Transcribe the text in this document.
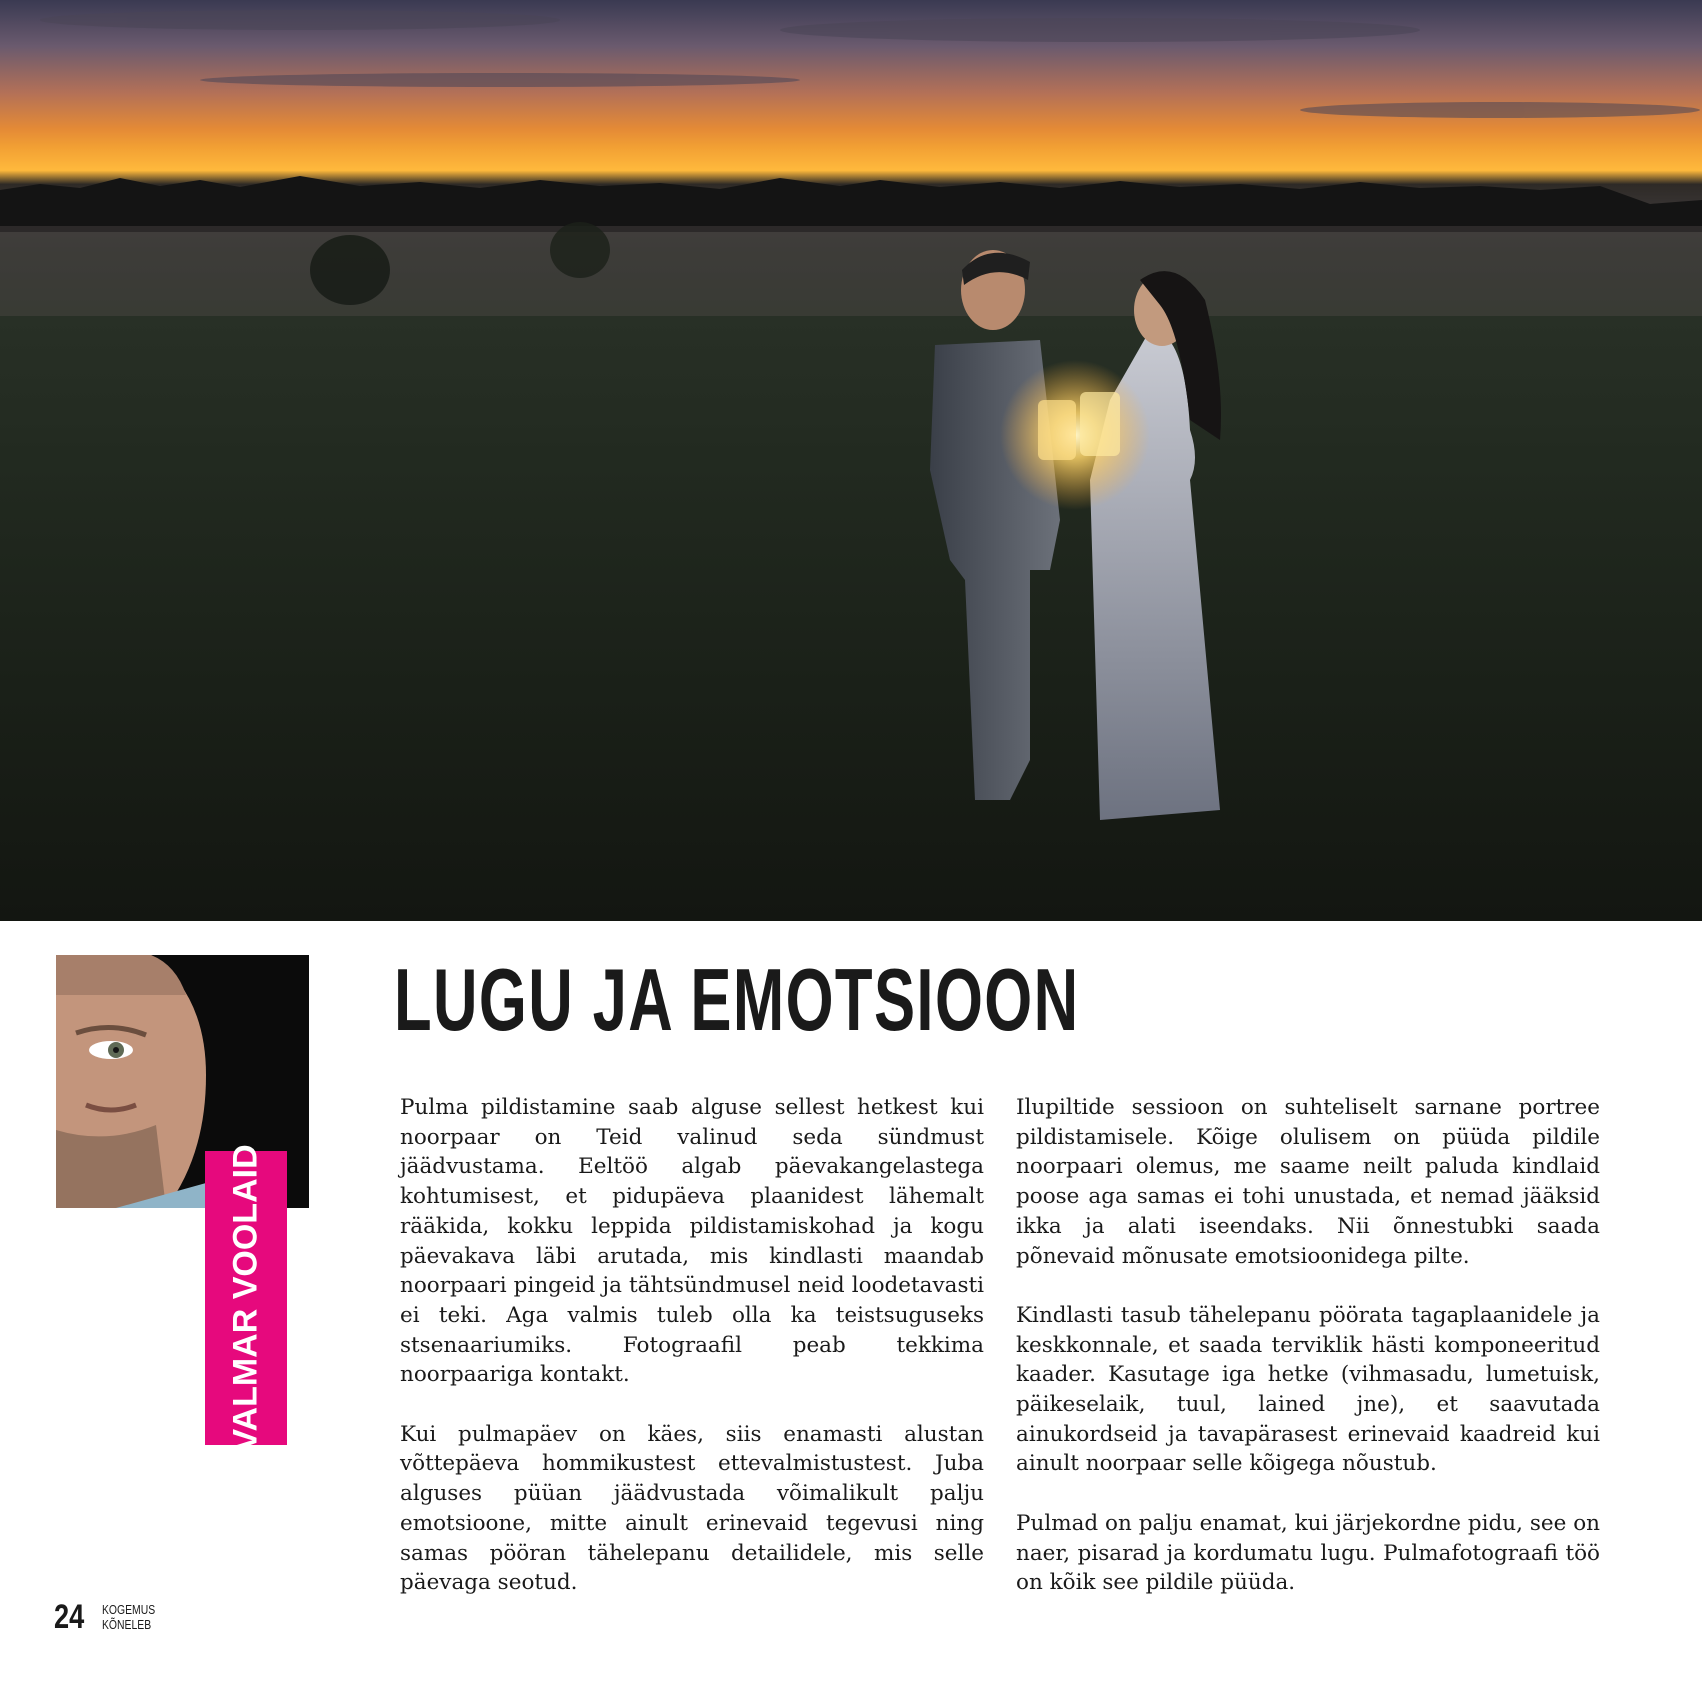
VALMAR VOOLAID
LUGU JA EMOTSIOON

Pulma pildistamine saab alguse sellest hetkest kui noorpaar on Teid valinud seda sündmust jäädvustama. Eeltöö algab päevakangelastega kohtumisest, et pidupäeva plaanidest lähemalt rääkida, kokku leppida pildistamiskohad ja kogu päevakava läbi arutada, mis kindlasti maandab noorpaari pingeid ja tähtsündmusel neid loodetavasti ei teki. Aga valmis tuleb olla ka teistsuguseks stsenaariumiks. Fotograafil peab tekkima noorpaariga kontakt.

Kui pulmapäev on käes, siis enamasti alustan võttepäeva hommikustest ettevalmistustest. Juba alguses püüan jäädvustada võimalikult palju emotsioone, mitte ainult erinevaid tegevusi ning samas pööran tähelepanu detailidele, mis selle päevaga seotud.

Ilupiltide sessioon on suhteliselt sarnane portree pildistamisele. Kõige olulisem on püüda pildile noorpaari olemus, me saame neilt paluda kindlaid poose aga samas ei tohi unustada, et nemad jääksid ikka ja alati iseendaks. Nii õnnestubki saada põnevaid mõnusate emotsioonidega pilte.

Kindlasti tasub tähelepanu pöörata tagaplaanidele ja keskkonnale, et saada terviklik hästi komponeeritud kaader. Kasutage iga hetke (vihmasadu, lumetuisk, päikeselaik, tuul, lained jne), et saavutada ainukordseid ja tavapärasest erinevaid kaadreid kui ainult noorpaar selle kõigega nõustub.

Pulmad on palju enamat, kui järjekordne pidu, see on naer, pisarad ja kordumatu lugu. Pulmafotograafi töö on kõik see pildile püüda.

24 KOGEMUS
KÕNELEB
